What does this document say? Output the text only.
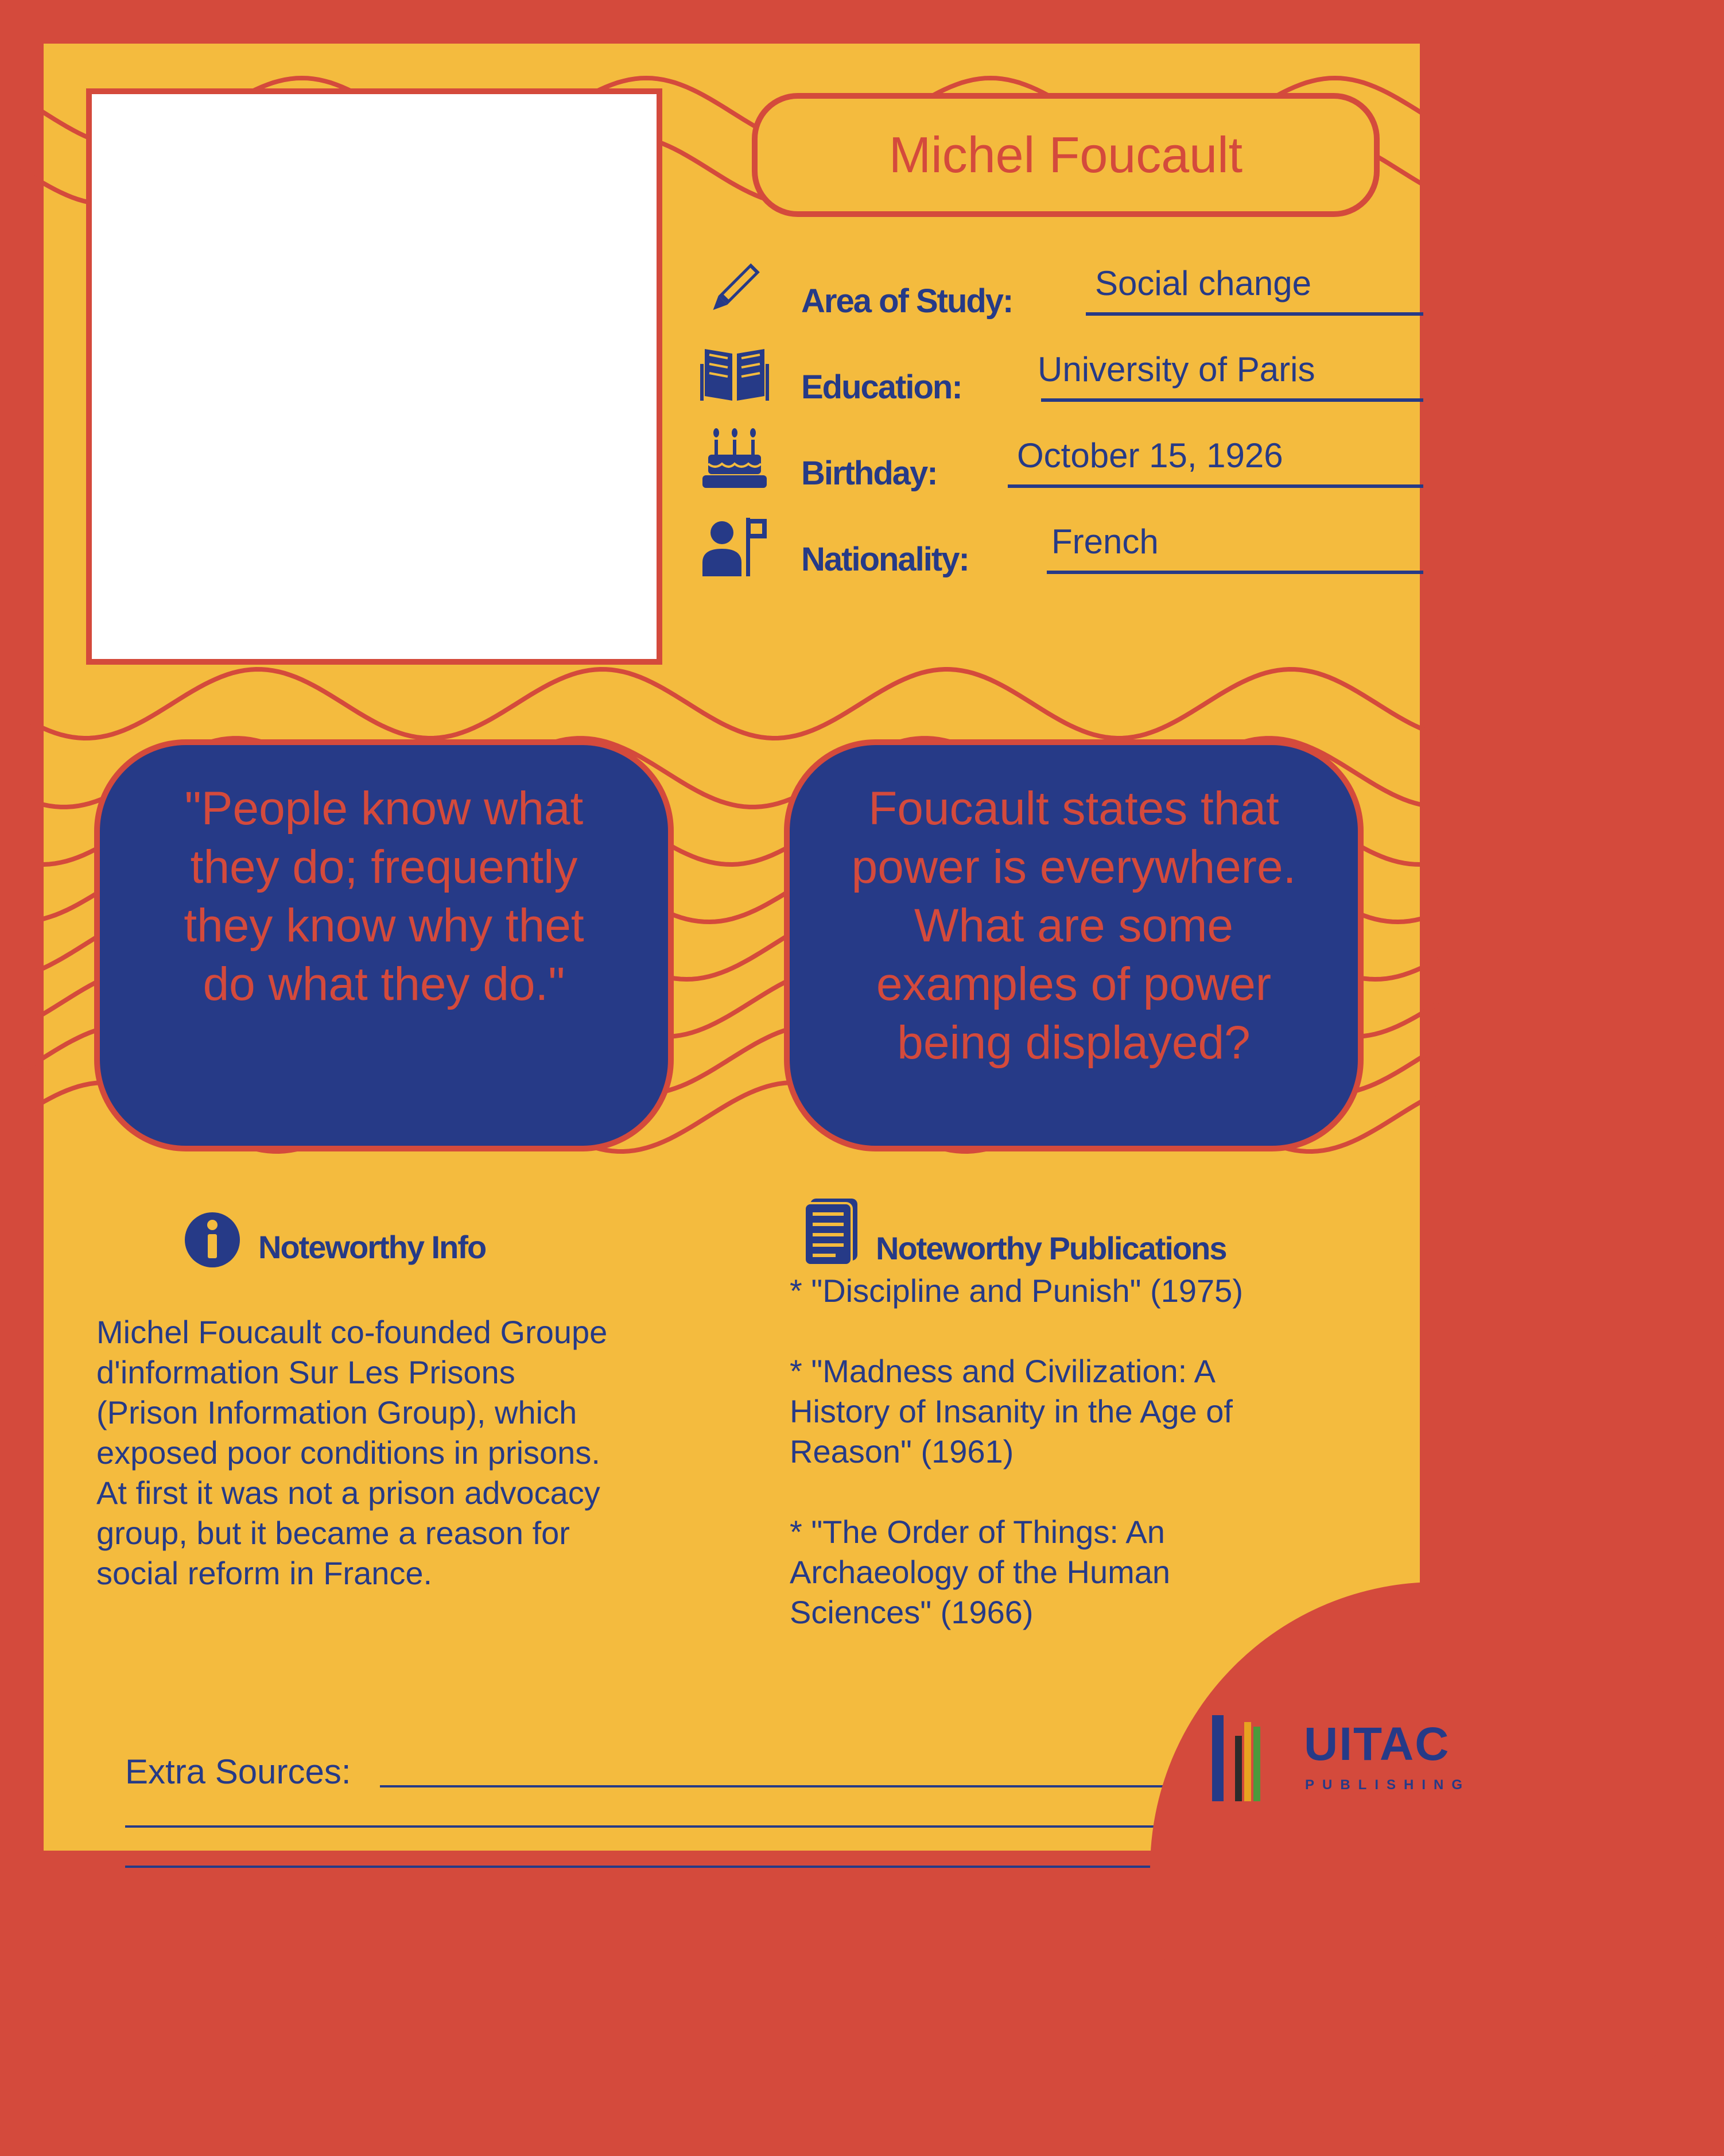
Michel Foucault
Area of Study: Social change
Education: University of Paris
Birthday: October 15, 1926
Nationality: French
"People know what
they do; frequently
they know why thet
do what they do."
Foucault states that
power is everywhere.
What are some
examples of power
being displayed?
Noteworthy Info
Michel Foucault co-founded Groupe
d'information Sur Les Prisons
(Prison Information Group), which
exposed poor conditions in prisons.
At first it was not a prison advocacy
group, but it became a reason for
social reform in France.
Noteworthy Publications

* "Discipline and Punish" (1975)

* "Madness and Civilization: A
History of Insanity in the Age of
Reason" (1961)

* "The Order of Things: An
Archaeology of the Human
Sciences" (1966)

Extra Sources:
UITAC
PUBLISHING
